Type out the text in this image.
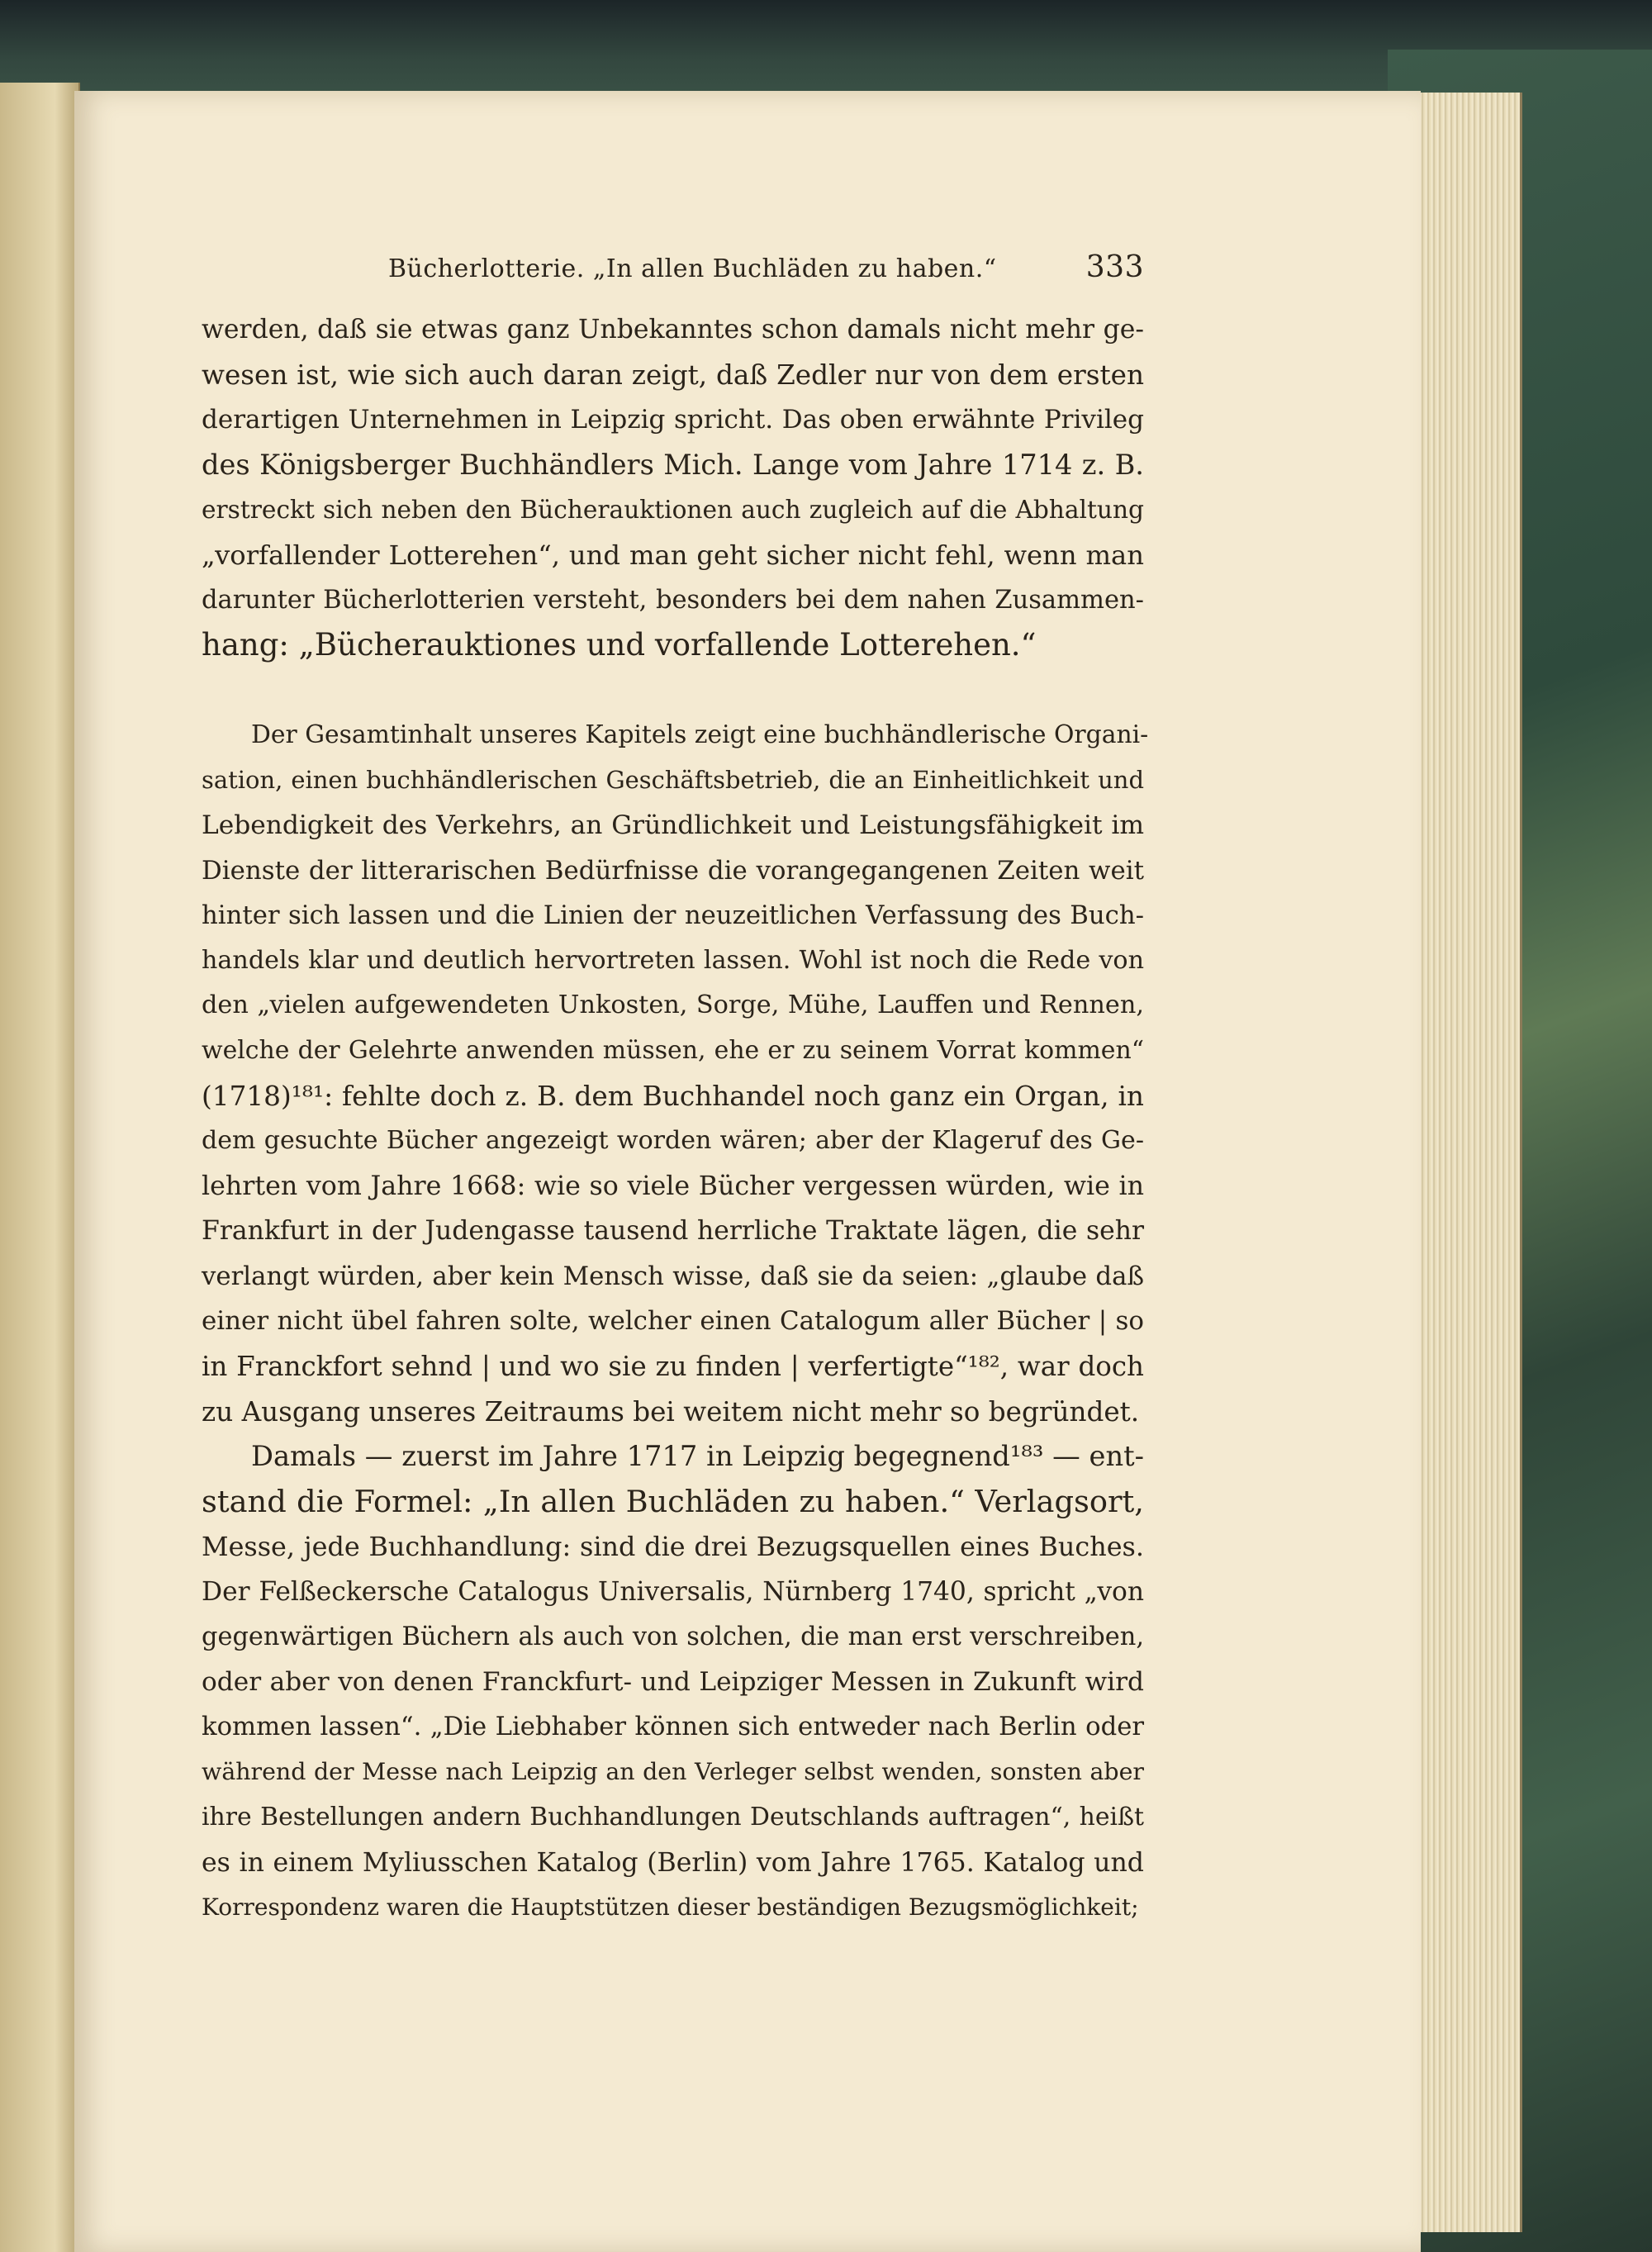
Bücherlotterie. „In allen Buchläden zu haben.“	333
werden, daß sie etwas ganz Unbekanntes schon damals nicht mehr ge-
wesen ist, wie sich auch daran zeigt, daß Zedler nur von dem ersten
derartigen Unternehmen in Leipzig spricht. Das oben erwähnte Privileg
des Königsberger Buchhändlers Mich. Lange vom Jahre 1714 z. B.
erstreckt sich neben den Bücherauktionen auch zugleich auf die Abhaltung
„vorfallender Lotterehen“, und man geht sicher nicht fehl, wenn man
darunter Bücherlotterien versteht, besonders bei dem nahen Zusammen-
hang: „Bücherauktiones und vorfallende Lotterehen.“
Der Gesamtinhalt unseres Kapitels zeigt eine buchhändlerische Organi-
sation, einen buchhändlerischen Geschäftsbetrieb, die an Einheitlichkeit und
Lebendigkeit des Verkehrs, an Gründlichkeit und Leistungsfähigkeit im
Dienste der litterarischen Bedürfnisse die vorangegangenen Zeiten weit
hinter sich lassen und die Linien der neuzeitlichen Verfassung des Buch-
handels klar und deutlich hervortreten lassen. Wohl ist noch die Rede von
den „vielen aufgewendeten Unkosten, Sorge, Mühe, Lauffen und Rennen,
welche der Gelehrte anwenden müssen, ehe er zu seinem Vorrat kommen“
(1718)¹⁸¹: fehlte doch z. B. dem Buchhandel noch ganz ein Organ, in
dem gesuchte Bücher angezeigt worden wären; aber der Klageruf des Ge-
lehrten vom Jahre 1668: wie so viele Bücher vergessen würden, wie in
Frankfurt in der Judengasse tausend herrliche Traktate lägen, die sehr
verlangt würden, aber kein Mensch wisse, daß sie da seien: „glaube daß
einer nicht übel fahren solte, welcher einen Catalogum aller Bücher | so
in Franckfort sehnd | und wo sie zu finden | verfertigte“¹⁸², war doch
zu Ausgang unseres Zeitraums bei weitem nicht mehr so begründet.
Damals — zuerst im Jahre 1717 in Leipzig begegnend¹⁸³ — ent-
stand die Formel: „In allen Buchläden zu haben.“ Verlagsort,
Messe, jede Buchhandlung: sind die drei Bezugsquellen eines Buches.
Der Felßeckersche Catalogus Universalis, Nürnberg 1740, spricht „von
gegenwärtigen Büchern als auch von solchen, die man erst verschreiben,
oder aber von denen Franckfurt- und Leipziger Messen in Zukunft wird
kommen lassen“. „Die Liebhaber können sich entweder nach Berlin oder
während der Messe nach Leipzig an den Verleger selbst wenden, sonsten aber
ihre Bestellungen andern Buchhandlungen Deutschlands auftragen“, heißt
es in einem Myliusschen Katalog (Berlin) vom Jahre 1765. Katalog und
Korrespondenz waren die Hauptstützen dieser beständigen Bezugsmöglichkeit;
